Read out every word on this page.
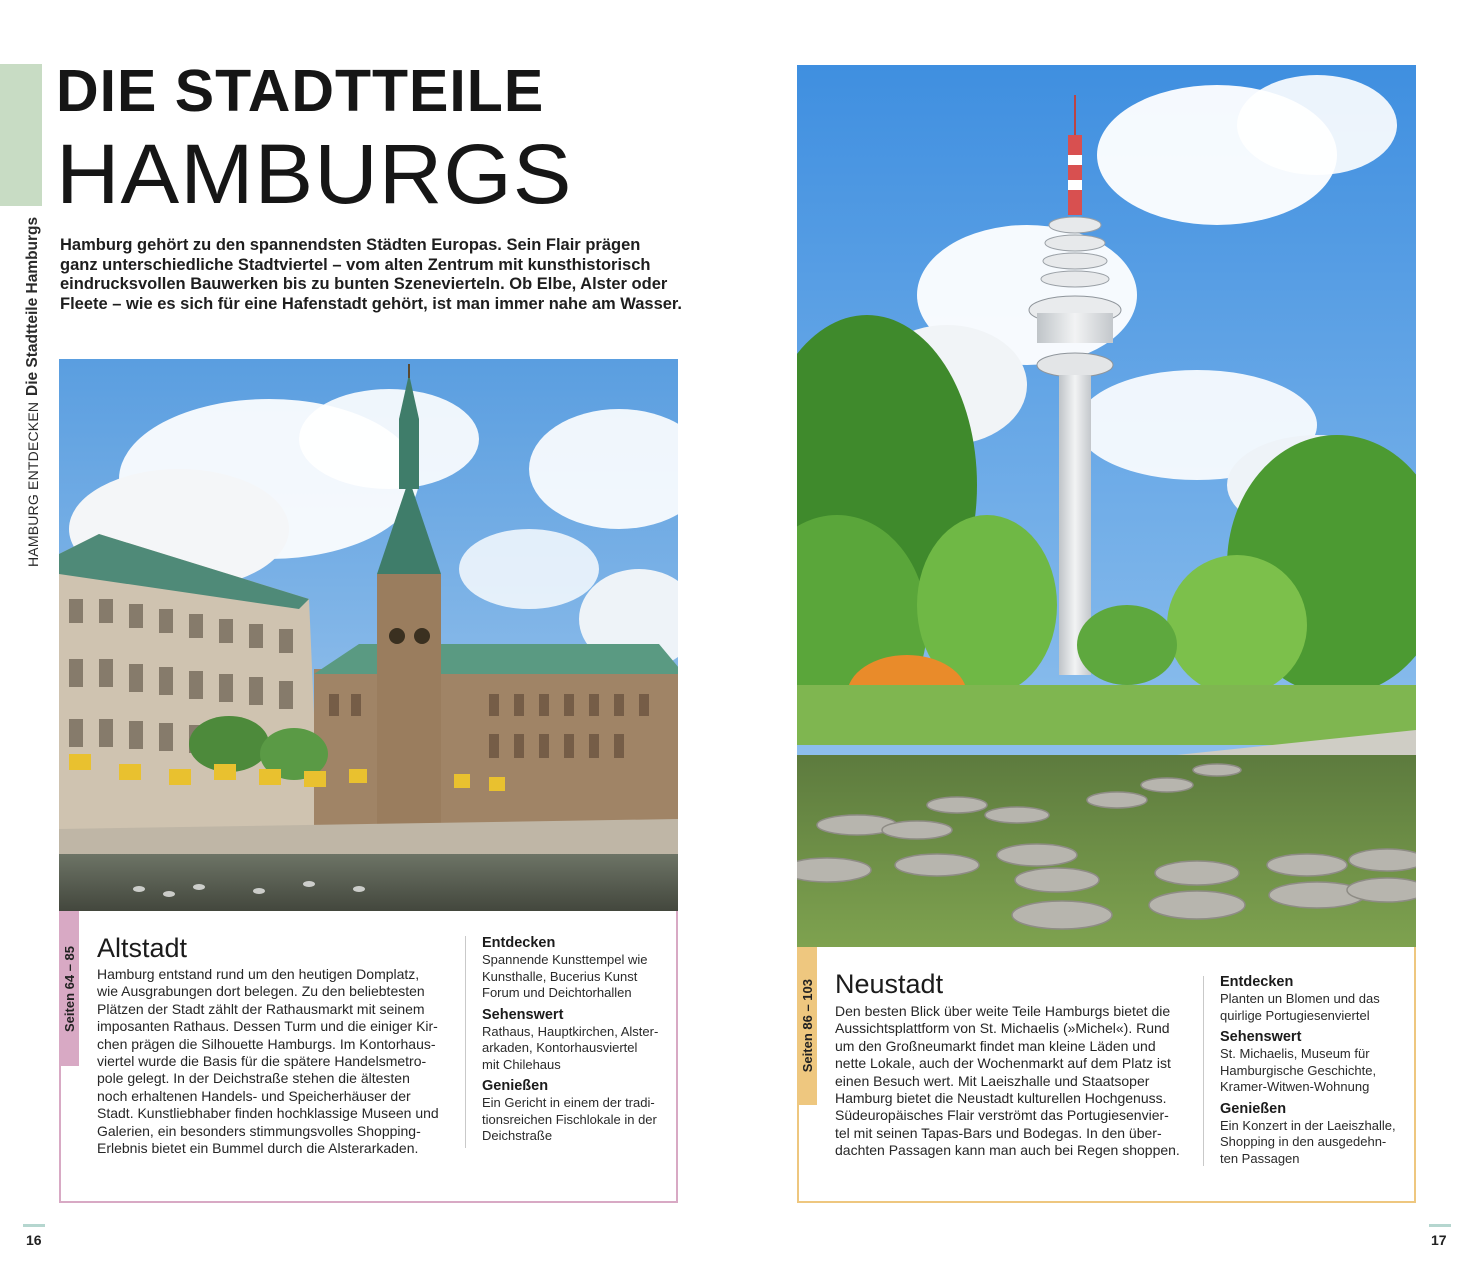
HAMBURG ENTDECKEN
Die Stadtteile Hamburgs
DIE STADTTEILE
HAMBURGS
Hamburg gehört zu den spannendsten Städten Europas. Sein Flair prägen
ganz unterschiedliche Stadtviertel – vom alten Zentrum mit kunsthistorisch
eindrucksvollen Bauwerken bis zu bunten Szenevierteln. Ob Elbe, Alster oder
Fleete – wie es sich für eine Hafenstadt gehört, ist man immer nahe am Wasser.
Seiten 64 – 85 Altstadt
Hamburg entstand rund um den heutigen Domplatz,
wie Ausgrabungen dort belegen. Zu den beliebtesten
Plätzen der Stadt zählt der Rathausmarkt mit seinem
imposanten Rathaus. Dessen Turm und die einiger Kir-
chen prägen die Silhouette Hamburgs. Im Kontorhaus-
viertel wurde die Basis für die spätere Handelsmetro-
pole gelegt. In der Deichstraße stehen die ältesten
noch erhaltenen Handels- und Speicherhäuser der
Stadt. Kunstliebhaber finden hochklassige Museen und
Galerien, ein besonders stimmungsvolles Shopping-
Erlebnis bietet ein Bummel durch die Alsterarkaden.
Entdecken
Spannende Kunsttempel wie
Kunsthalle, Bucerius Kunst
Forum und Deichtorhallen
Sehenswert
Rathaus, Hauptkirchen, Alster-
arkaden, Kontorhausviertel
mit Chilehaus
Genießen
Ein Gericht in einem der tradi-
tionsreichen Fischlokale in der
Deichstraße
16
Seiten 86 – 103 Neustadt
Den besten Blick über weite Teile Hamburgs bietet die
Aussichtsplattform von St. Michaelis (»Michel«). Rund
um den Großneumarkt findet man kleine Läden und
nette Lokale, auch der Wochenmarkt auf dem Platz ist
einen Besuch wert. Mit Laeiszhalle und Staatsoper
Hamburg bietet die Neustadt kulturellen Hochgenuss.
Südeuropäisches Flair verströmt das Portugiesenvier-
tel mit seinen Tapas-Bars und Bodegas. In den über-
dachten Passagen kann man auch bei Regen shoppen.
Entdecken
Planten un Blomen und das
quirlige Portugiesenviertel
Sehenswert
St. Michaelis, Museum für
Hamburgische Geschichte,
Kramer-Witwen-Wohnung
Genießen
Ein Konzert in der Laeiszhalle,
Shopping in den ausgedehn-
ten Passagen
17
